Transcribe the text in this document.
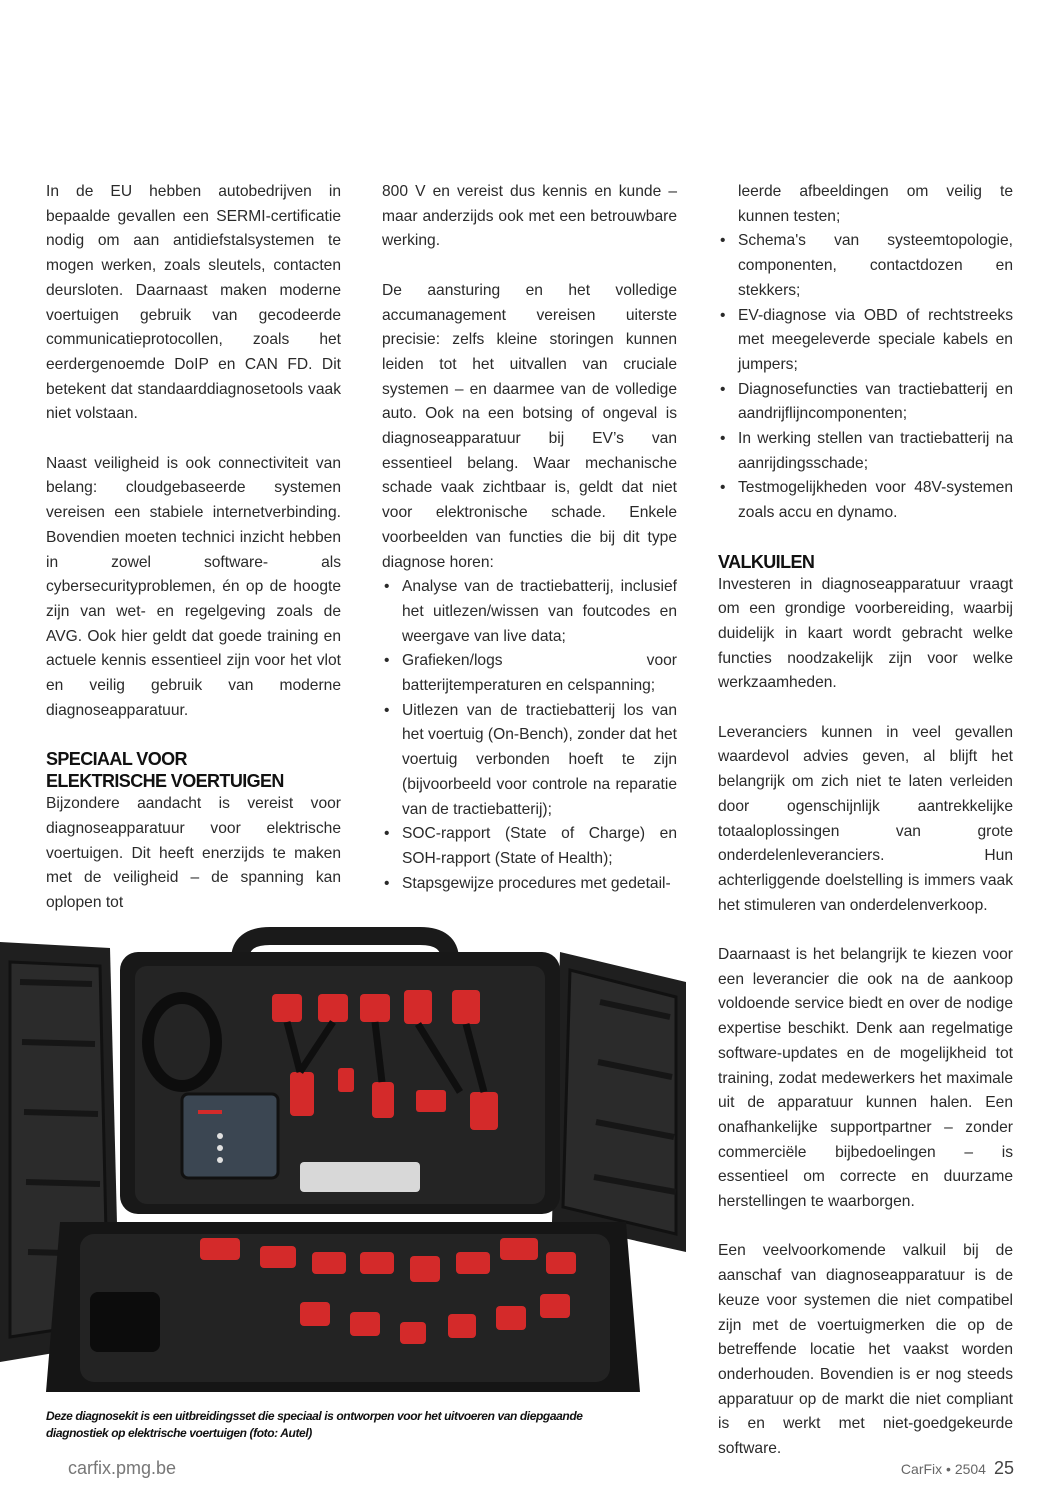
In de EU hebben autobedrijven in bepaalde gevallen een SERMI-certificatie nodig om aan antidiefstalsystemen te mogen werken, zoals sleutels, contacten deursloten. Daarnaast maken moderne voertuigen gebruik van gecodeerde communicatieprotocollen, zoals het eerdergenoemde DoIP en CAN FD. Dit betekent dat standaarddiagnosetools vaak niet volstaan.

Naast veiligheid is ook connectiviteit van belang: cloudgebaseerde systemen vereisen een stabiele internetverbinding. Bovendien moeten technici inzicht hebben in zowel software- als cybersecurityproblemen, én op de hoogte zijn van wet- en regelgeving zoals de AVG. Ook hier geldt dat goede training en actuele kennis essentieel zijn voor het vlot en veilig gebruik van moderne diagnoseapparatuur.

SPECIAAL VOOR
ELEKTRISCHE VOERTUIGEN

Bijzondere aandacht is vereist voor diagnoseapparatuur voor elektrische voertuigen. Dit heeft enerzijds te maken met de veiligheid – de spanning kan oplopen tot

800 V en vereist dus kennis en kunde – maar anderzijds ook met een betrouwbare werking.

De aansturing en het volledige accumanagement vereisen uiterste precisie: zelfs kleine storingen kunnen leiden tot het uitvallen van cruciale systemen – en daarmee van de volledige auto. Ook na een botsing of ongeval is diagnoseapparatuur bij EV’s van essentieel belang. Waar mechanische schade vaak zichtbaar is, geldt dat niet voor elektronische schade. Enkele voorbeelden van functies die bij dit type diagnose horen:

• Analyse van de tractiebatterij, inclusief het uitlezen/wissen van foutcodes en weergave van live data;
• Grafieken/logs voor batterijtemperaturen en celspanning;
• Uitlezen van de tractiebatterij los van het voertuig (On-Bench), zonder dat het voertuig verbonden hoeft te zijn (bijvoorbeeld voor controle na reparatie van de tractiebatterij);
• SOC-rapport (State of Charge) en SOH-rapport (State of Health);
• Stapsgewijze procedures met gedetail-
leerde afbeeldingen om veilig te kunnen testen;
• Schema's van systeemtopologie, componenten, contactdozen en stekkers;
• EV-diagnose via OBD of rechtstreeks met meegeleverde speciale kabels en jumpers;
• Diagnosefuncties van tractiebatterij en aandrijflijncomponenten;
• In werking stellen van tractiebatterij na aanrijdingsschade;
• Testmogelijkheden voor 48V-systemen zoals accu en dynamo.
VALKUILEN

Investeren in diagnoseapparatuur vraagt om een grondige voorbereiding, waarbij duidelijk in kaart wordt gebracht welke functies noodzakelijk zijn voor welke werkzaamheden.

Leveranciers kunnen in veel gevallen waardevol advies geven, al blijft het belangrijk om zich niet te laten verleiden door ogenschijnlijk aantrekkelijke totaaloplossingen van grote onderdelenleveranciers. Hun achterliggende doelstelling is immers vaak het stimuleren van onderdelenverkoop.

Daarnaast is het belangrijk te kiezen voor een leverancier die ook na de aankoop voldoende service biedt en over de nodige expertise beschikt. Denk aan regelmatige software-updates en de mogelijkheid tot training, zodat medewerkers het maximale uit de apparatuur kunnen halen. Een onafhankelijke supportpartner – zonder commerciële bijbedoelingen – is essentieel om correcte en duurzame herstellingen te waarborgen.

Een veelvoorkomende valkuil bij de aanschaf van diagnoseapparatuur is de keuze voor systemen die niet compatibel zijn met de voertuigmerken die op de betreffende locatie het vaakst worden onderhouden. Bovendien is er nog steeds apparatuur op de markt die niet compliant is en werkt met niet-goedgekeurde software.

Deze diagnosekit is een uitbreidingsset die speciaal is ontworpen voor het uitvoeren van diepgaande diagnostiek op elektrische voertuigen (foto: Autel)
carfix.pmg.be	CarFix • 2504 25
